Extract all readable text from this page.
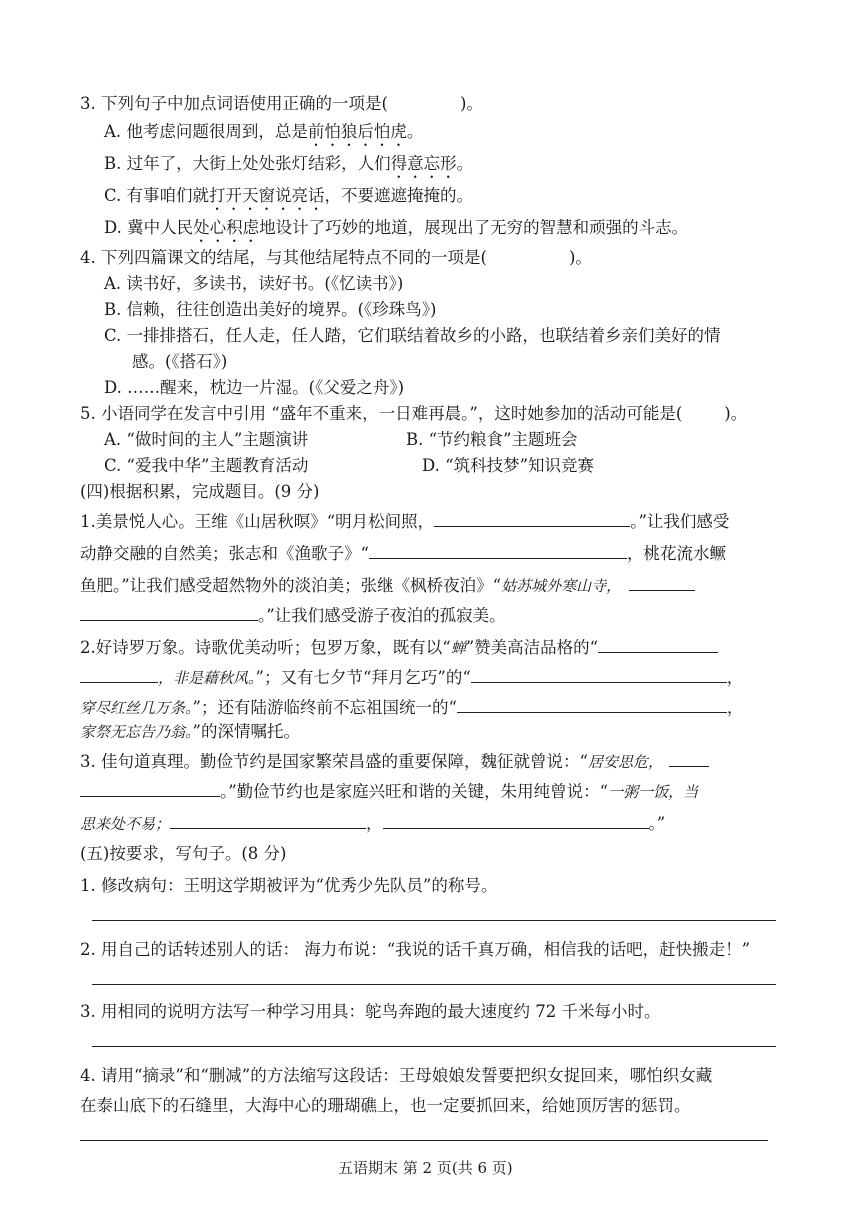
3. 下列句子中加点词语使用正确的一项是(	)。
A. 他考虑问题很周到，总是前怕狼后怕虎。
B. 过年了，大街上处处张灯结彩，人们得意忘形。
C. 有事咱们就打开天窗说亮话，不要遮遮掩掩的。
D. 冀中人民处心积虑地设计了巧妙的地道，展现出了无穷的智慧和顽强的斗志。
4. 下列四篇课文的结尾，与其他结尾特点不同的一项是(	)。
A. 读书好，多读书，读好书。(《忆读书》)
B. 信赖，往往创造出美好的境界。(《珍珠鸟》)
C. 一排排搭石，任人走，任人踏，它们联结着故乡的小路，也联结着乡亲们美好的情
感。(《搭石》)
D. ……醒来，枕边一片湿。(《父爱之舟》)
5. 小语同学在发言中引用 “盛年不重来，一日难再晨。”，这时她参加的活动可能是(	)。
A. “做时间的主人”主题演讲	B. “节约粮食”主题班会
C. “爱我中华”主题教育活动	D. “筑科技梦”知识竞赛
(四)根据积累，完成题目。(9 分)
1.美景悦人心。王维《山居秋暝》“明月松间照，	。”让我们感受
动静交融的自然美；张志和《渔歌子》“	，桃花流水鳜
鱼肥。”让我们感受超然物外的淡泊美；张继《枫桥夜泊》“姑苏城外寒山寺，
。”让我们感受游子夜泊的孤寂美。
2.好诗罗万象。诗歌优美动听；包罗万象，既有以“蝉”赞美高洁品格的“
，非是藉秋风。”；又有七夕节“拜月乞巧”的“	，
穿尽红丝几万条。”；还有陆游临终前不忘祖国统一的“	，
家祭无忘告乃翁。”的深情嘱托。
3. 佳句道真理。勤俭节约是国家繁荣昌盛的重要保障，魏征就曾说：“居安思危，
。”勤俭节约也是家庭兴旺和谐的关键，朱用纯曾说：“一粥一饭，当
思来处不易；	，	。”
(五)按要求，写句子。(8 分)
1. 修改病句：王明这学期被评为“优秀少先队员”的称号。
2. 用自己的话转述别人的话： 海力布说：“我说的话千真万确，相信我的话吧，赶快搬走！”
3. 用相同的说明方法写一种学习用具：鸵鸟奔跑的最大速度约 72 千米每小时。
4. 请用“摘录”和“删减”的方法缩写这段话：王母娘娘发誓要把织女捉回来，哪怕织女藏
在泰山底下的石缝里，大海中心的珊瑚礁上，也一定要抓回来，给她顶厉害的惩罚。
五语期末 第 2 页(共 6 页)
